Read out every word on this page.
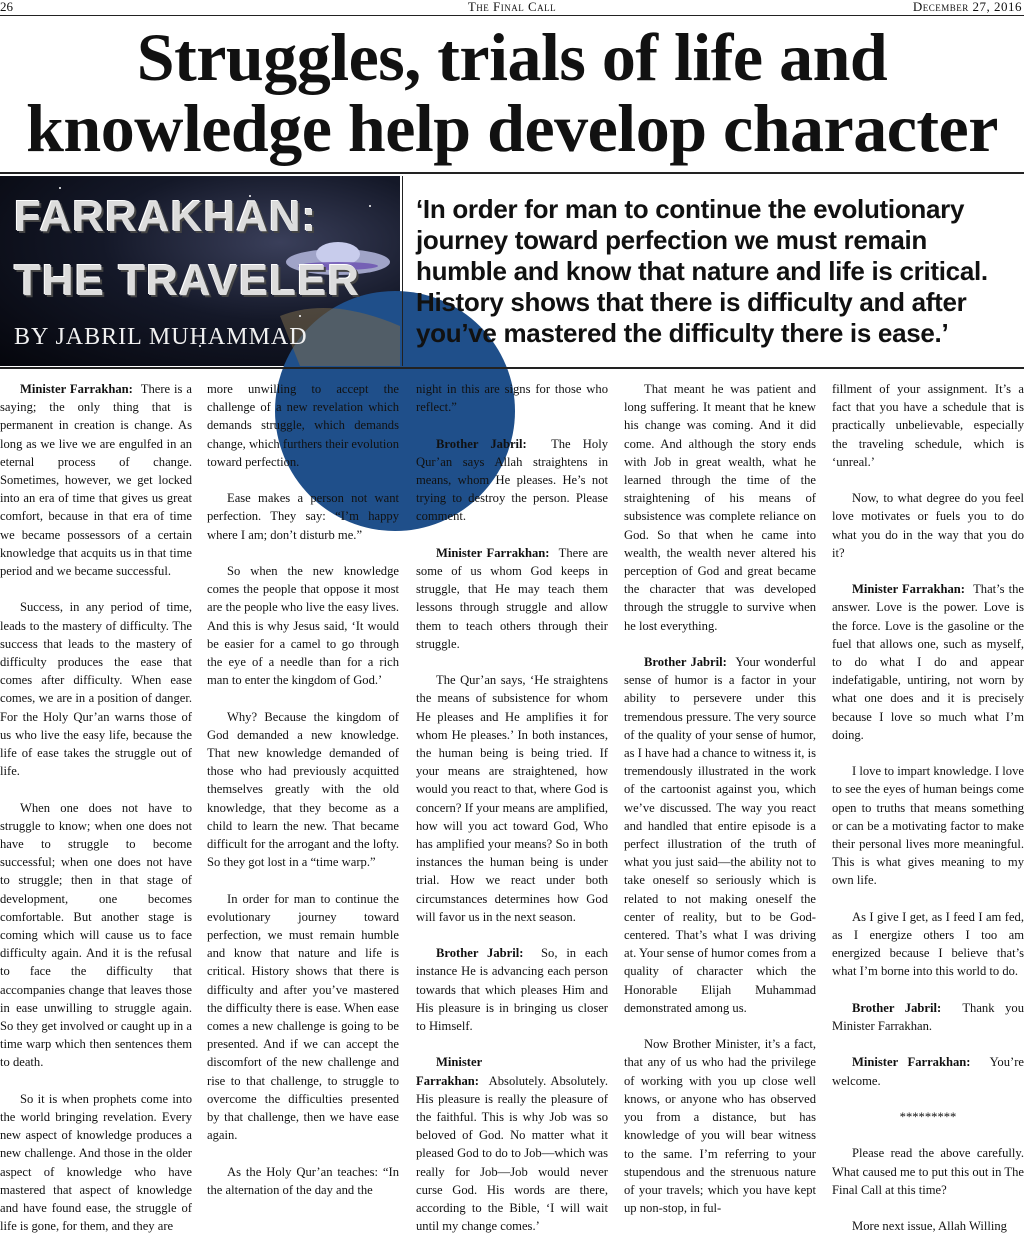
26	The Final Call	December 27, 2016
Struggles, trials of life and knowledge help develop character
FARRAKHAN:
THE TRAVELER
BY JABRIL MUHAMMAD
‘In order for man to continue the evolutionary journey toward perfection we must remain humble and know that nature and life is critical. History shows that there is difficulty and after you’ve mastered the difficulty there is ease.’

Minister Farrakhan: There is a saying; the only thing that is permanent in creation is change. As long as we live we are engulfed in an eternal process of change. Sometimes, however, we get locked into an era of time that gives us great comfort, because in that era of time we became possessors of a certain knowledge that acquits us in that time period and we became successful.

Success, in any period of time, leads to the mastery of difficulty. The success that leads to the mastery of difficulty produces the ease that comes after difficulty. When ease comes, we are in a position of danger. For the Holy Qur’an warns those of us who live the easy life, because the life of ease takes the struggle out of life.

When one does not have to struggle to know; when one does not have to struggle to become successful; when one does not have to struggle; then in that stage of development, one becomes comfortable. But another stage is coming which will cause us to face difficulty again. And it is the refusal to face the difficulty that accompanies change that leaves those in ease unwilling to struggle again. So they get involved or caught up in a time warp which then sentences them to death.

So it is when prophets come into the world bringing revelation. Every new aspect of knowledge produces a new challenge. And those in the older aspect of knowledge who have mastered that aspect of knowledge and have found ease, the struggle of life is gone, for them, and they are

more unwilling to accept the challenge of a new revelation which demands struggle, which demands change, which furthers their evolution toward perfection.

Ease makes a person not want perfection. They say: “I’m happy where I am; don’t disturb me.”

So when the new knowledge comes the people that oppose it most are the people who live the easy lives. And this is why Jesus said, ‘It would be easier for a camel to go through the eye of a needle than for a rich man to enter the kingdom of God.’

Why? Because the kingdom of God demanded a new knowledge. That new knowledge demanded of those who had previously acquitted themselves greatly with the old knowledge, that they become as a child to learn the new. That became difficult for the arrogant and the lofty. So they got lost in a “time warp.”

In order for man to continue the evolutionary journey toward perfection, we must remain humble and know that nature and life is critical. History shows that there is difficulty and after you’ve mastered the difficulty there is ease. When ease comes a new challenge is going to be presented. And if we can accept the discomfort of the new challenge and rise to that challenge, to struggle to overcome the difficulties presented by that challenge, then we have ease again.

As the Holy Qur’an teaches: “In the alternation of the day and the

night in this are signs for those who reflect.”

Brother Jabril: The Holy Qur’an says Allah straightens in means, whom He pleases. He’s not trying to destroy the person. Please comment.

Minister Farrakhan: There are some of us whom God keeps in struggle, that He may teach them lessons through struggle and allow them to teach others through their struggle.

The Qur’an says, ‘He straightens the means of subsistence for whom He pleases and He amplifies it for whom He pleases.’ In both instances, the human being is being tried. If your means are straightened, how would you react to that, where God is concern? If your means are amplified, how will you act toward God, Who has amplified your means? So in both instances the human being is under trial. How we react under both circumstances determines how God will favor us in the next season.

Brother Jabril: So, in each instance He is advancing each person towards that which pleases Him and His pleasure is in bringing us closer to Himself.

Minister Farrakhan: Absolutely. Absolutely. His pleasure is really the pleasure of the faithful. This is why Job was so beloved of God. No matter what it pleased God to do to Job—which was really for Job—Job would never curse God. His words are there, according to the Bible, ‘I will wait until my change comes.’

That meant he was patient and long suffering. It meant that he knew his change was coming. And it did come. And although the story ends with Job in great wealth, what he learned through the time of the straightening of his means of subsistence was complete reliance on God. So that when he came into wealth, the wealth never altered his perception of God and great became the character that was developed through the struggle to survive when he lost everything.

Brother Jabril: Your wonderful sense of humor is a factor in your ability to persevere under this tremendous pressure. The very source of the quality of your sense of humor, as I have had a chance to witness it, is tremendously illustrated in the work of the cartoonist against you, which we’ve discussed. The way you react and handled that entire episode is a perfect illustration of the truth of what you just said—the ability not to take oneself so seriously which is related to not making oneself the center of reality, but to be God-centered. That’s what I was driving at. Your sense of humor comes from a quality of character which the Honorable Elijah Muhammad demonstrated among us.

Now Brother Minister, it’s a fact, that any of us who had the privilege of working with you up close well knows, or anyone who has observed you from a distance, but has knowledge of you will bear witness to the same. I’m referring to your stupendous and the strenuous nature of your travels; which you have kept up non-stop, in ful-

fillment of your assignment. It’s a fact that you have a schedule that is practically unbelievable, especially the traveling schedule, which is ‘unreal.’

Now, to what degree do you feel love motivates or fuels you to do what you do in the way that you do it?

Minister Farrakhan: That’s the answer. Love is the power. Love is the force. Love is the gasoline or the fuel that allows one, such as myself, to do what I do and appear indefatigable, untiring, not worn by what one does and it is precisely because I love so much what I’m doing.

I love to impart knowledge. I love to see the eyes of human beings come open to truths that means something or can be a motivating factor to make their personal lives more meaningful. This is what gives meaning to my own life.

As I give I get, as I feed I am fed, as I energize others I too am energized because I believe that’s what I’m borne into this world to do.

Brother Jabril: Thank you Minister Farrakhan.

Minister Farrakhan: You’re welcome.

*********

Please read the above carefully. What caused me to put this out in The Final Call at this time?

More next issue, Allah Willing
